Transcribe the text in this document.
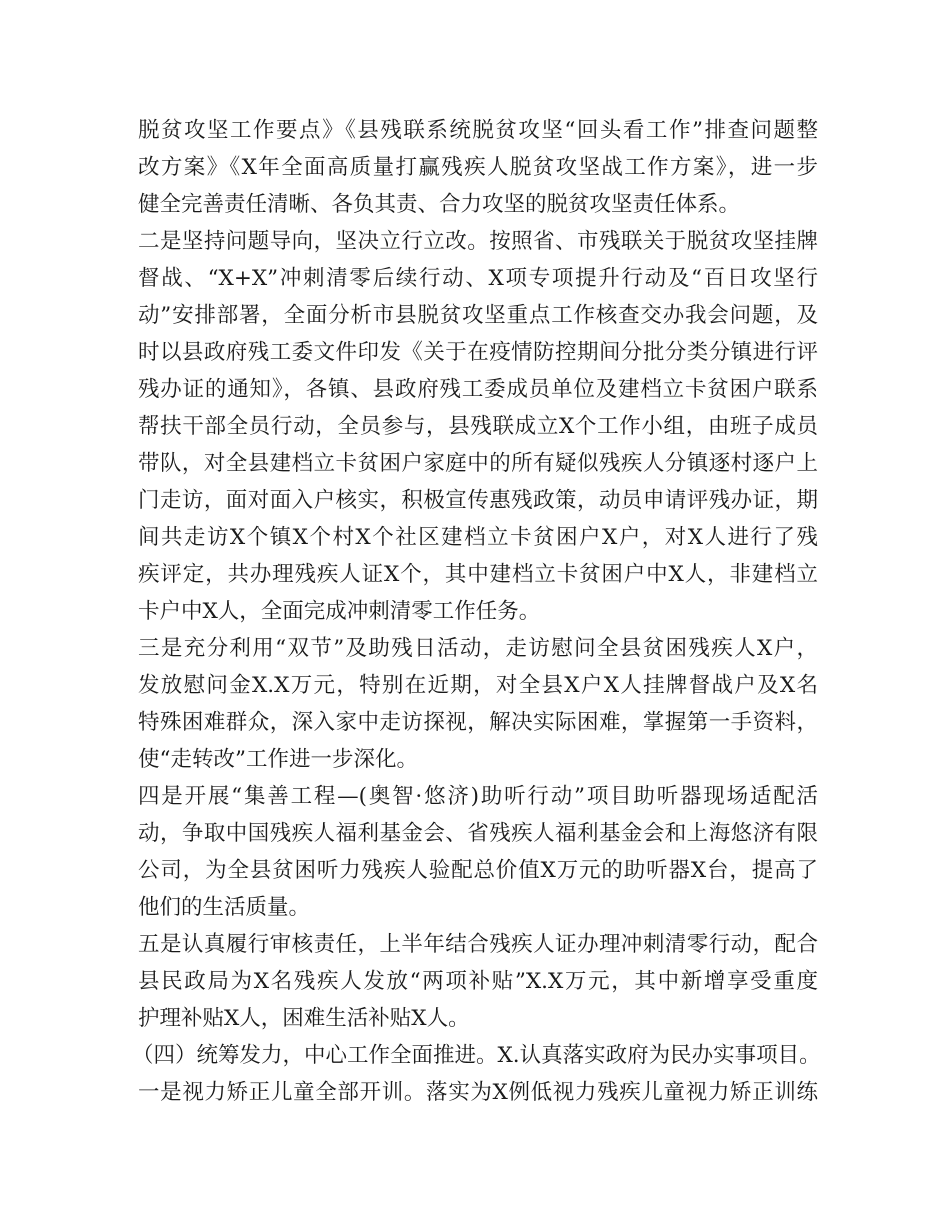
脱贫攻坚工作要点》《县残联系统脱贫攻坚“回头看工作”排查问题整

改方案》《X年全面高质量打赢残疾人脱贫攻坚战工作方案》，进一步

健全完善责任清晰、各负其责、合力攻坚的脱贫攻坚责任体系。

二是坚持问题导向，坚决立行立改。按照省、市残联关于脱贫攻坚挂牌

督战、“X+X”冲刺清零后续行动、X项专项提升行动及“百日攻坚行

动”安排部署，全面分析市县脱贫攻坚重点工作核查交办我会问题，及

时以县政府残工委文件印发《关于在疫情防控期间分批分类分镇进行评

残办证的通知》，各镇、县政府残工委成员单位及建档立卡贫困户联系

帮扶干部全员行动，全员参与，县残联成立X个工作小组，由班子成员

带队，对全县建档立卡贫困户家庭中的所有疑似残疾人分镇逐村逐户上

门走访，面对面入户核实，积极宣传惠残政策，动员申请评残办证，期

间共走访X个镇X个村X个社区建档立卡贫困户X户，对X人进行了残

疾评定，共办理残疾人证X个，其中建档立卡贫困户中X人，非建档立

卡户中X人，全面完成冲刺清零工作任务。

三是充分利用“双节”及助残日活动，走访慰问全县贫困残疾人X户，

发放慰问金X.X万元，特别在近期，对全县X户X人挂牌督战户及X名

特殊困难群众，深入家中走访探视，解决实际困难，掌握第一手资料，

使“走转改”工作进一步深化。

四是开展“集善工程—(奥智·悠济)助听行动”项目助听器现场适配活

动，争取中国残疾人福利基金会、省残疾人福利基金会和上海悠济有限

公司，为全县贫困听力残疾人验配总价值X万元的助听器X台，提高了

他们的生活质量。

五是认真履行审核责任，上半年结合残疾人证办理冲刺清零行动，配合

县民政局为X名残疾人发放“两项补贴”X.X万元，其中新增享受重度

护理补贴X人，困难生活补贴X人。

（四）统筹发力，中心工作全面推进。X.认真落实政府为民办实事项目。

一是视力矫正儿童全部开训。落实为X例低视力残疾儿童视力矫正训练
